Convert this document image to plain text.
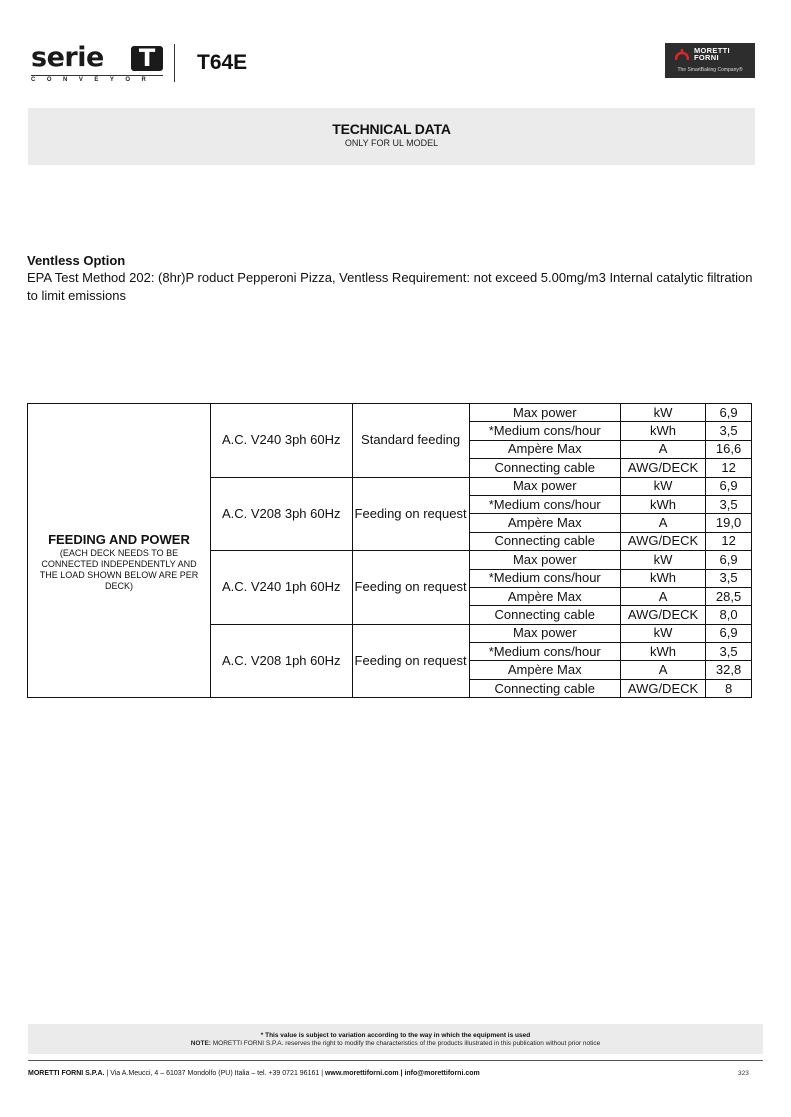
serie	T
CONVEYOR
T64E
MORETTI
FORNI
The SmartBaking Company®
TECHNICAL DATA
ONLY FOR UL MODEL
Ventless Option
EPA Test Method 202: (8hr)P roduct Pepperoni Pizza, Ventless Requirement: not exceed 5.00mg/m3 Internal catalytic filtration to limit emissions
FEEDING AND POWER
(EACH DECK NEEDS TO BE CONNECTED INDEPENDENTLY AND THE LOAD SHOWN BELOW ARE PER DECK)	A.C. V240 3ph 60Hz	Standard feeding	Max power	kW	6,9
			*Medium cons/hour	kWh	3,5
			Ampère Max	A	16,6
			Connecting cable	AWG/DECK	12
	A.C. V208 3ph 60Hz	Feeding on request	Max power	kW	6,9
			*Medium cons/hour	kWh	3,5
			Ampère Max	A	19,0
			Connecting cable	AWG/DECK	12
	A.C. V240 1ph 60Hz	Feeding on request	Max power	kW	6,9
			*Medium cons/hour	kWh	3,5
			Ampère Max	A	28,5
			Connecting cable	AWG/DECK	8,0
	A.C. V208 1ph 60Hz	Feeding on request	Max power	kW	6,9
			*Medium cons/hour	kWh	3,5
			Ampère Max	A	32,8
			Connecting cable	AWG/DECK	8
* This value is subject to variation according to the way in which the equipment is used
NOTE: MORETTI FORNI S.P.A. reserves the right to modify the characteristics of the products illustrated in this publication without prior notice
MORETTI FORNI S.P.A. | Via A.Meucci, 4 – 61037 Mondolfo (PU) Italia – tel. +39 0721 96161 | www.morettiforni.com | info@morettiforni.com	323
